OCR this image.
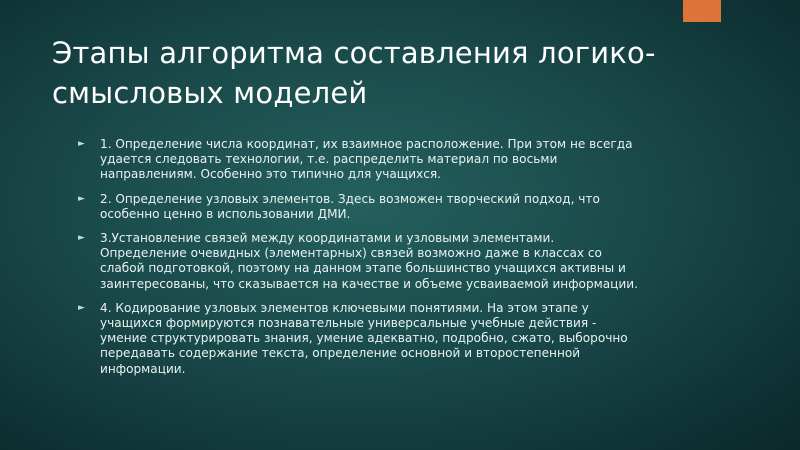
Этапы алгоритма составления логико-смысловых моделей
► 1. Определение числа координат, их взаимное расположение. При этом не всегда удается следовать технологии, т.е. распределить материал по восьми направлениям. Особенно это типично для учащихся.
► 2. Определение узловых элементов. Здесь возможен творческий подход, что особенно ценно в использовании ДМИ.
► 3.Установление связей между координатами и узловыми элементами. Определение очевидных (элементарных) связей возможно даже в классах со слабой подготовкой, поэтому на данном этапе большинство учащихся активны и заинтересованы, что сказывается на качестве и объеме усваиваемой информации.
► 4. Кодирование узловых элементов ключевыми понятиями. На этом этапе у учащихся формируются познавательные универсальные учебные действия - умение структурировать знания, умение адекватно, подробно, сжато, выборочно передавать содержание текста, определение основной и второстепенной информации.
